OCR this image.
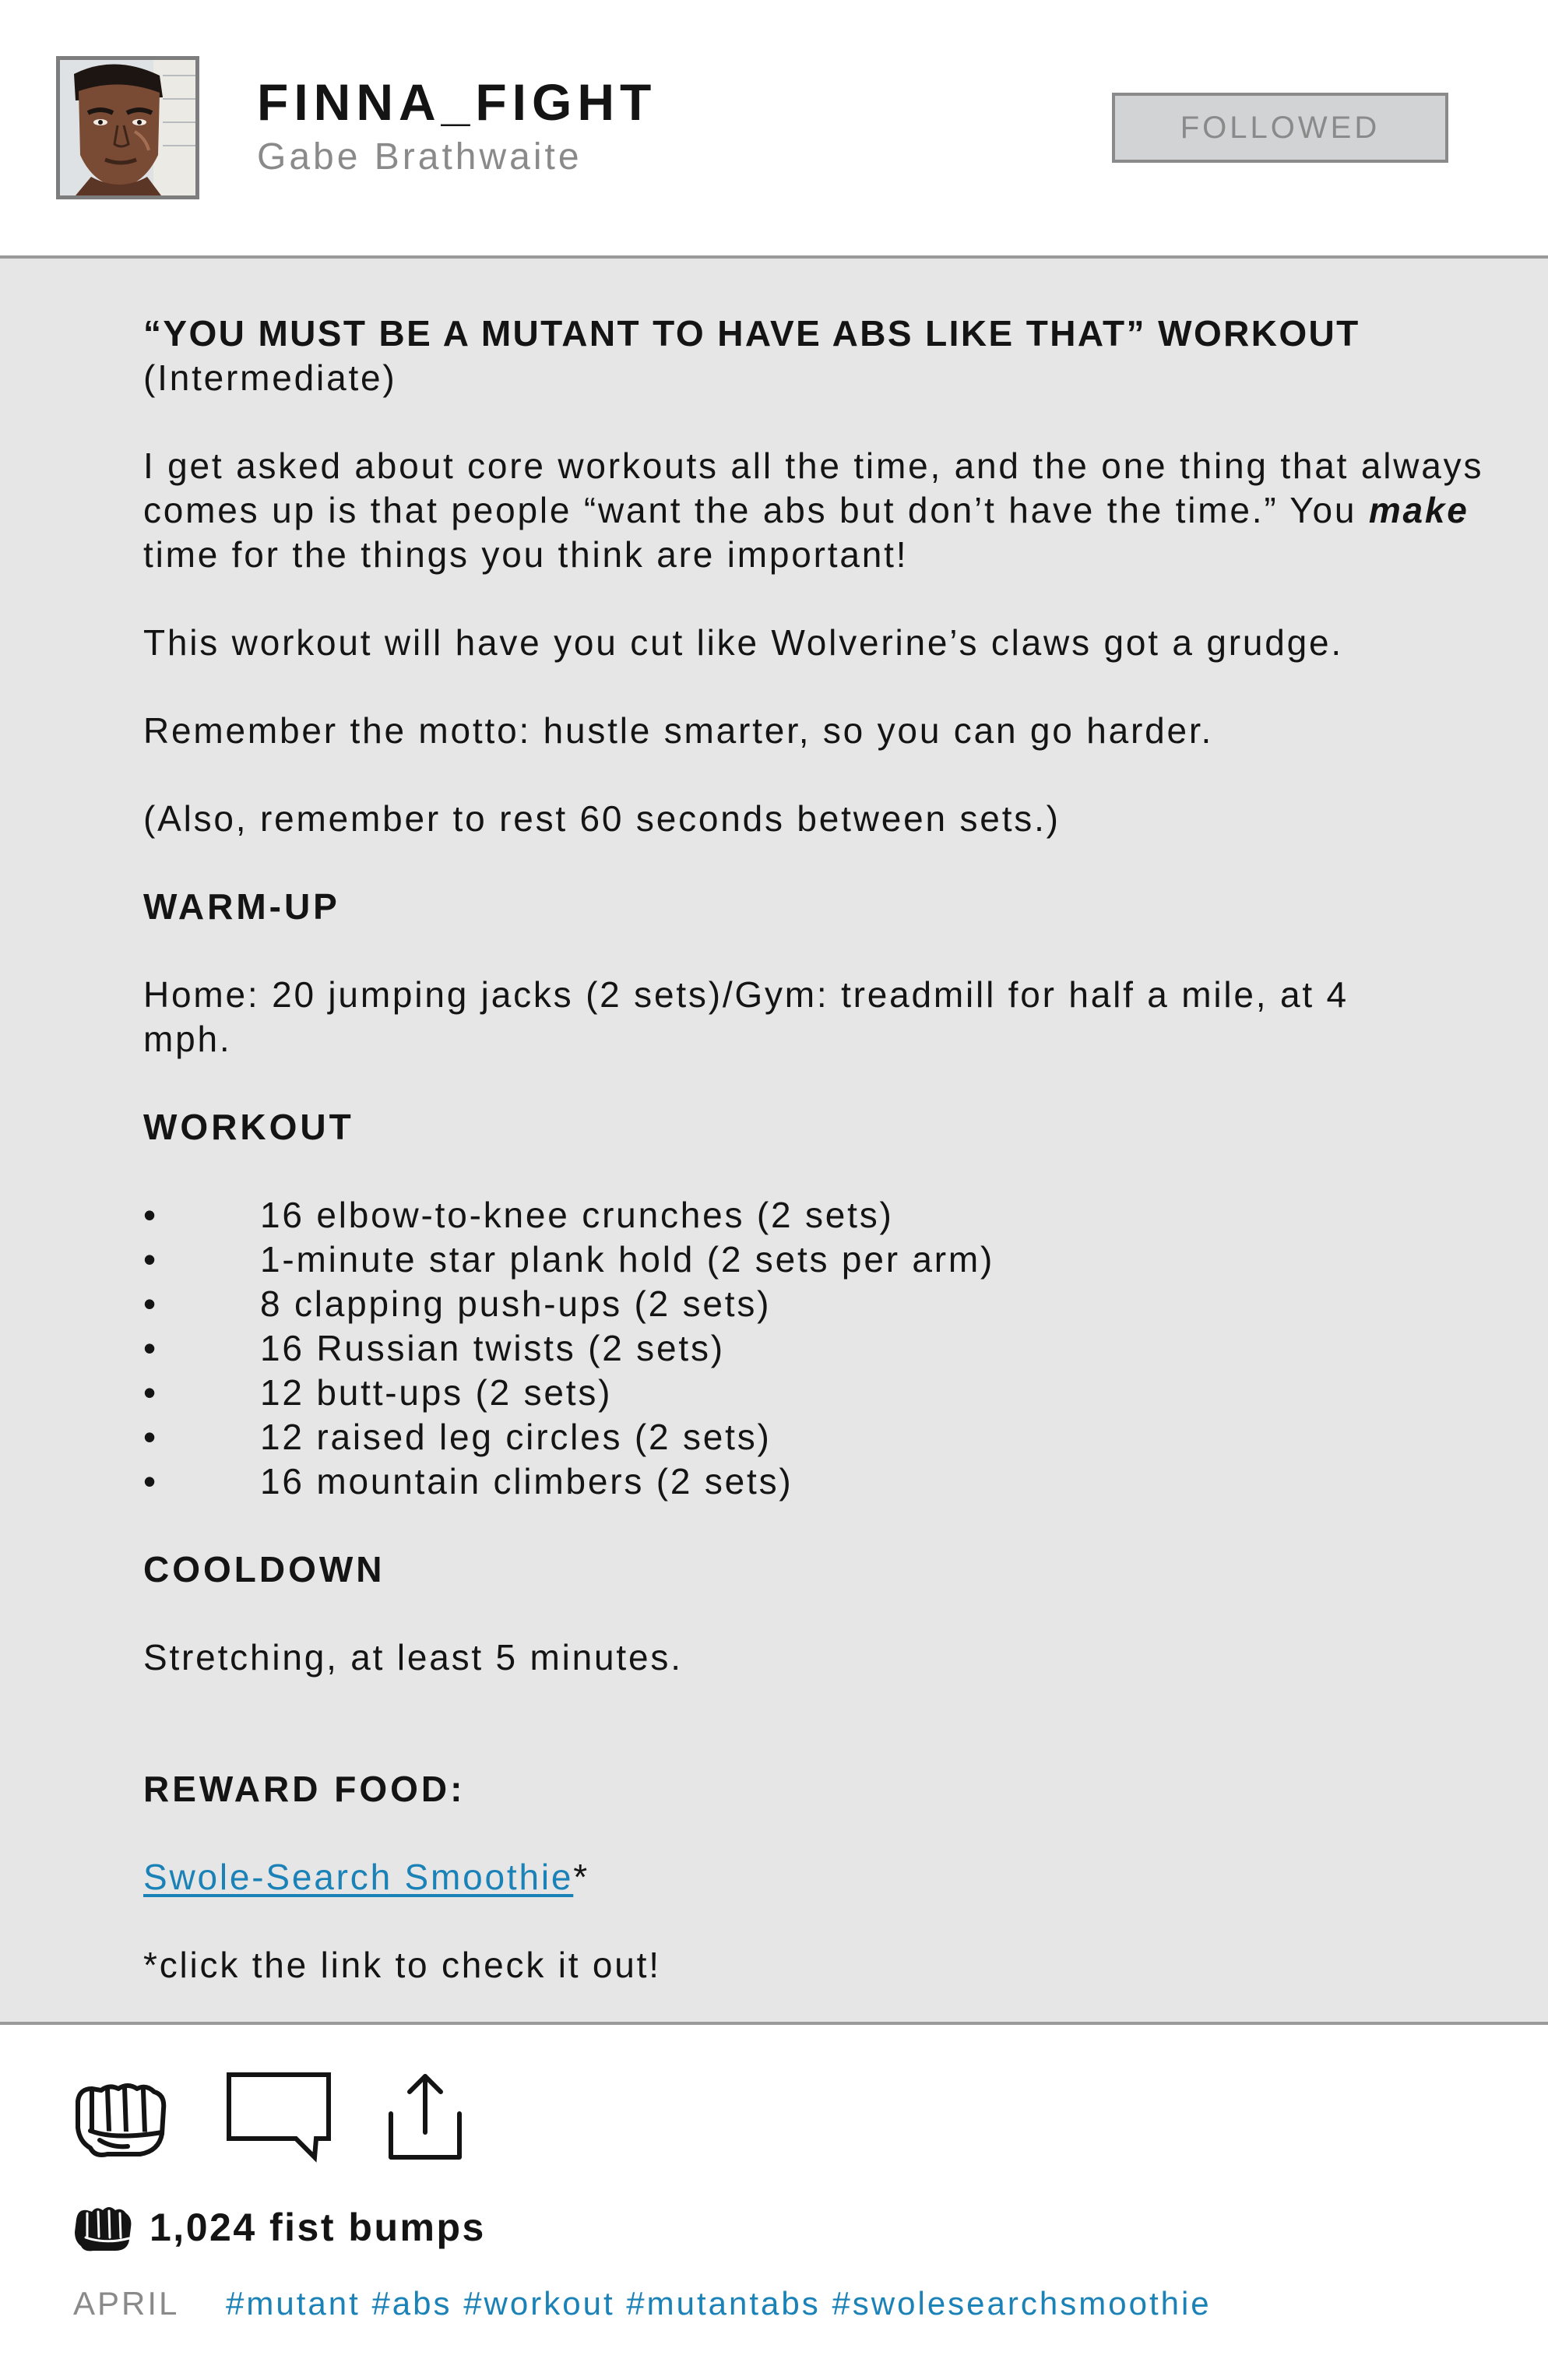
FINNA_FIGHT
Gabe Brathwaite
FOLLOWED

“YOU MUST BE A MUTANT TO HAVE ABS LIKE THAT” WORKOUT
(Intermediate)

I get asked about core workouts all the time, and the one thing that always comes up is that people “want the abs but don’t have the time.” You make time for the things you think are important!

This workout will have you cut like Wolverine’s claws got a grudge.

Remember the motto: hustle smarter, so you can go harder.

(Also, remember to rest 60 seconds between sets.)

WARM-UP

Home: 20 jumping jacks (2 sets)/Gym: treadmill for half a mile, at 4 mph.

WORKOUT
• 16 elbow-to-knee crunches (2 sets)
• 1-minute star plank hold (2 sets per arm)
• 8 clapping push-ups (2 sets)
• 16 Russian twists (2 sets)
• 12 butt-ups (2 sets)
• 12 raised leg circles (2 sets)
• 16 mountain climbers (2 sets)
COOLDOWN

Stretching, at least 5 minutes.

REWARD FOOD:

Swole-Search Smoothie*

*click the link to check it out!

1,024 fist bumps
APRIL #mutant #abs #workout #mutantabs #swolesearchsmoothie
